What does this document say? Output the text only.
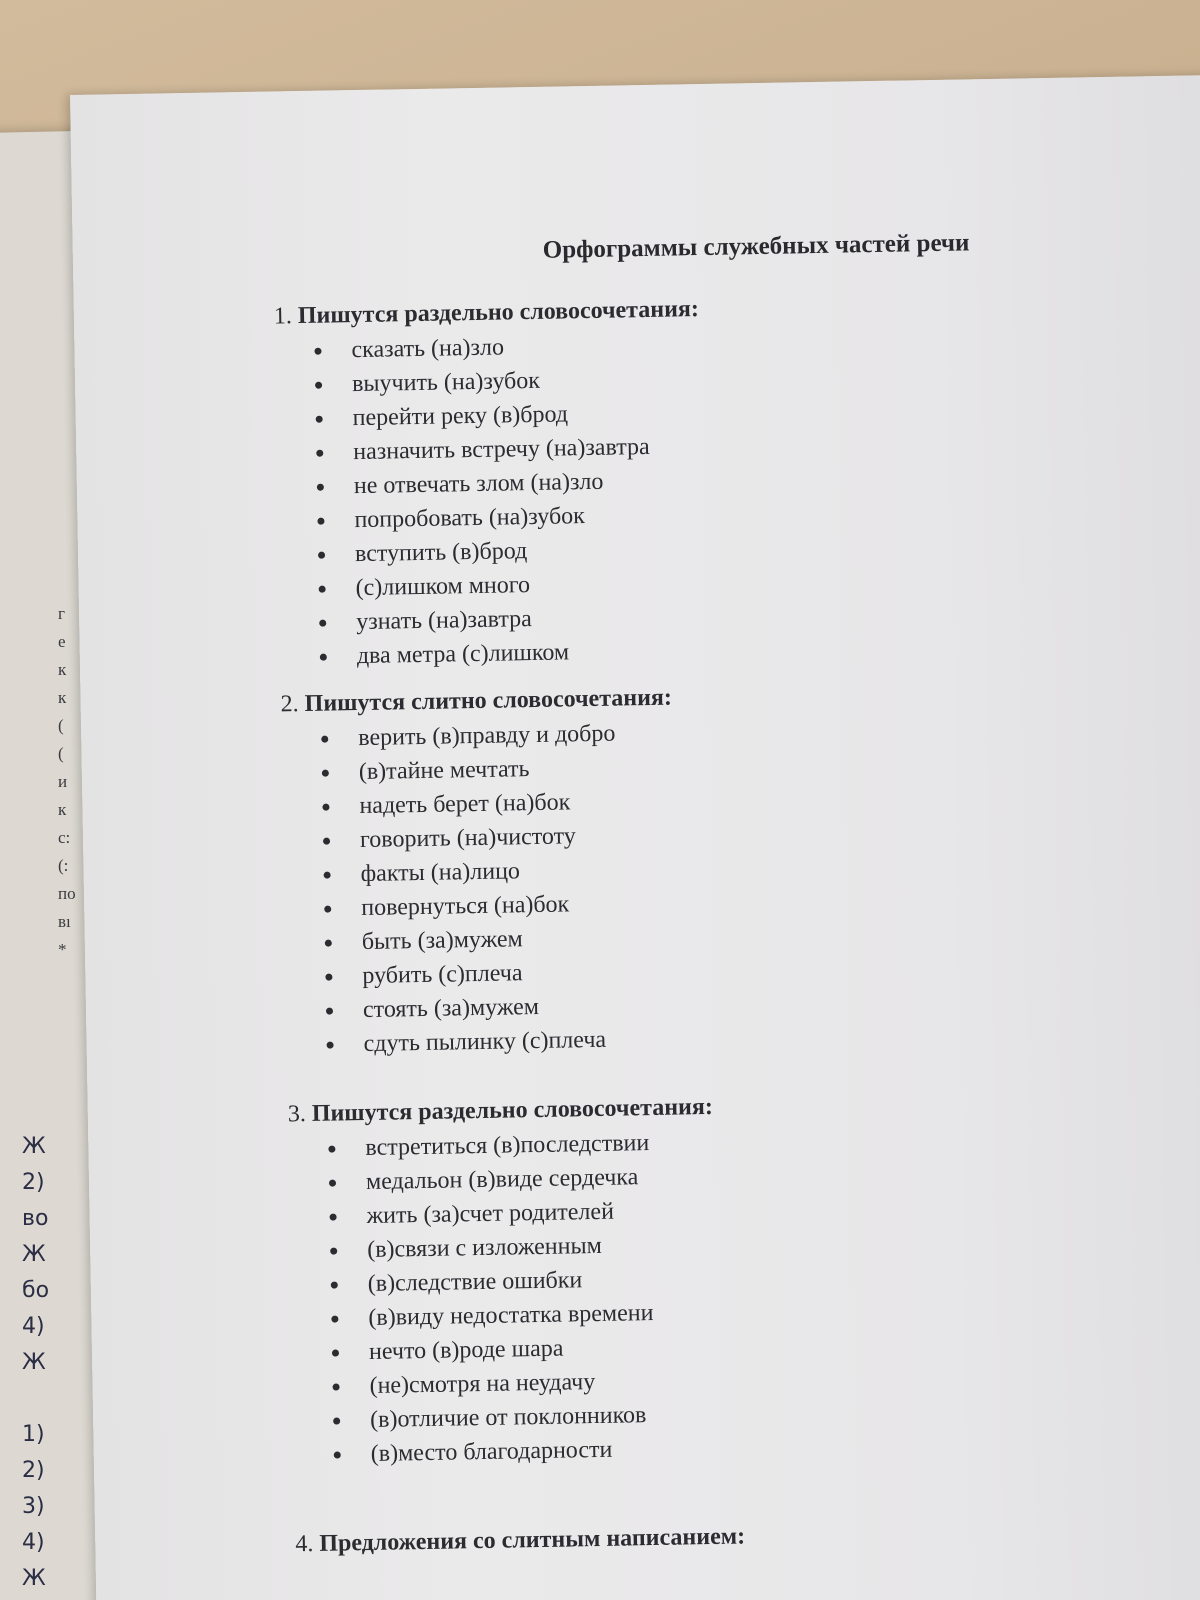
г
е
к
к
(
(
и
к
с:
(:
по
вı
*
Ж
2)
во
Ж
бо
4)
Ж
1)
2)
3)
4)
Ж
Орфограммы служебных частей речи
1. Пишутся раздельно словосочетания:
сказать (на)зло
выучить (на)зубок
перейти реку (в)брод
назначить встречу (на)завтра
не отвечать злом (на)зло
попробовать (на)зубок
вступить (в)брод
(с)лишком много
узнать (на)завтра
два метра (с)лишком
2. Пишутся слитно словосочетания:
верить (в)правду и добро
(в)тайне мечтать
надеть берет (на)бок
говорить (на)чистоту
факты (на)лицо
повернуться (на)бок
быть (за)мужем
рубить (с)плеча
стоять (за)мужем
сдуть пылинку (с)плеча
3. Пишутся раздельно словосочетания:
встретиться (в)последствии
медальон (в)виде сердечка
жить (за)счет родителей
(в)связи с изложенным
(в)следствие ошибки
(в)виду недостатка времени
нечто (в)роде шара
(не)смотря на неудачу
(в)отличие от поклонников
(в)место благодарности
4. Предложения со слитным написанием:
